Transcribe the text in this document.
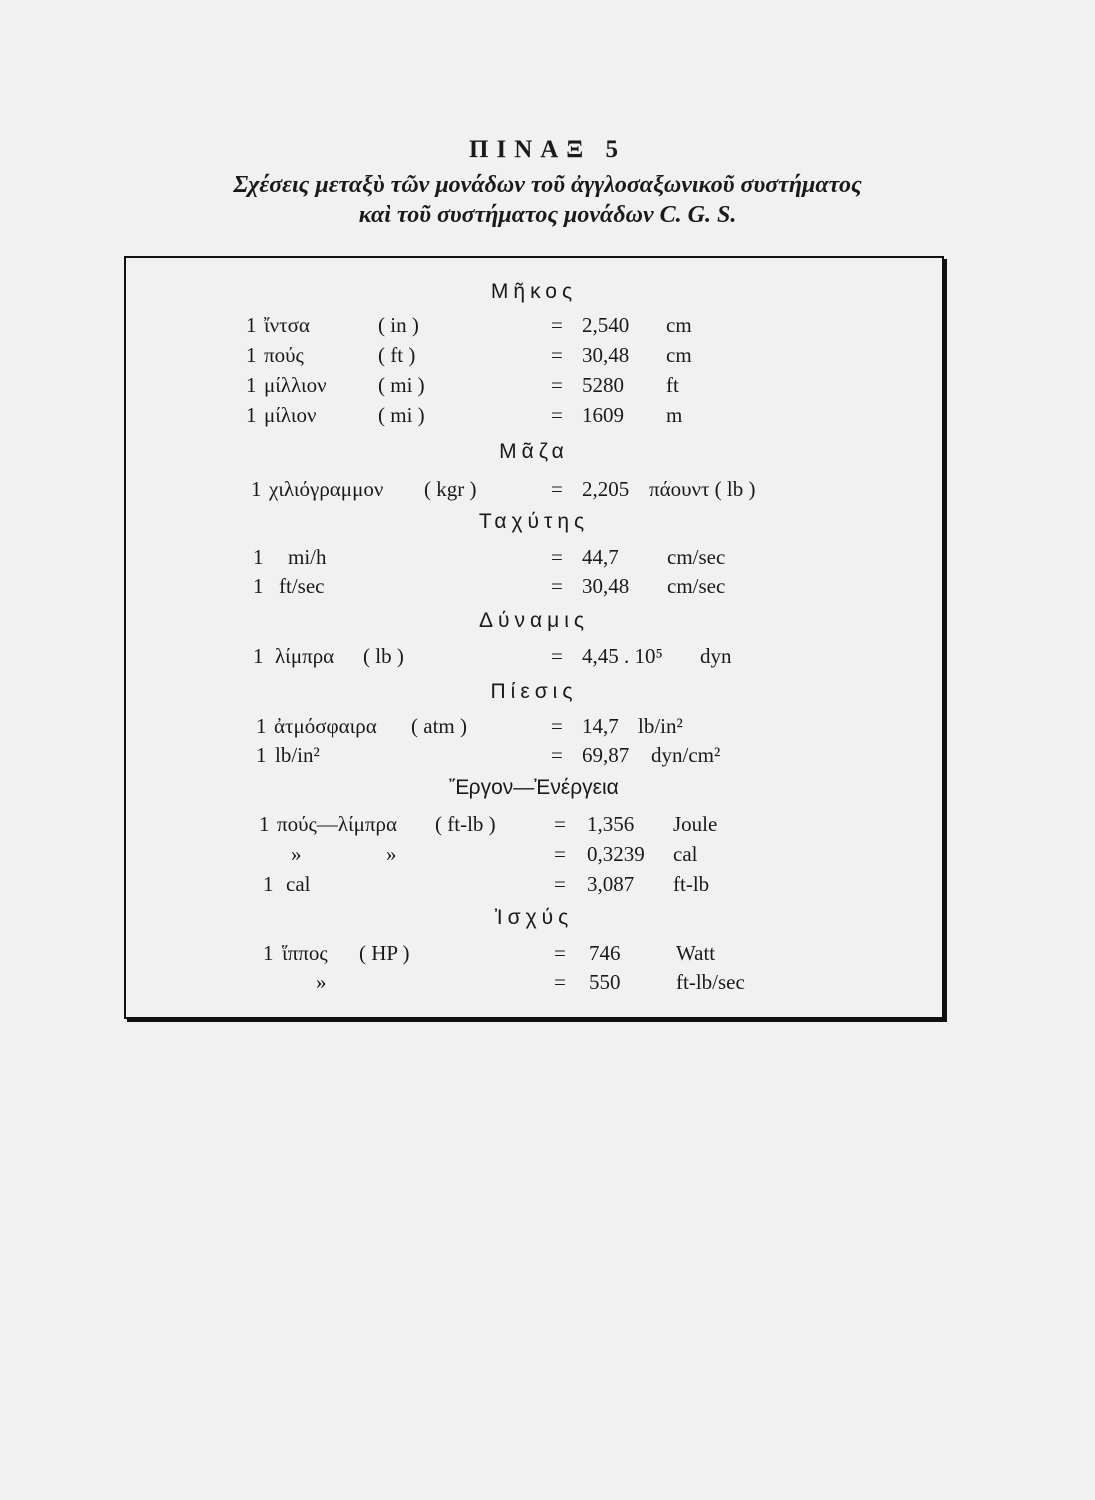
ΠΙΝΑΞ 5
Σχέσεις μεταξὺ τῶν μονάδων τοῦ ἀγγλοσαξωνικοῦ συστήματος
καὶ τοῦ συστήματος μονάδων C. G. S.
Μῆκος
1 ἴντσα	( in )	= 2,540 cm
1 πούς	( ft )	= 30,48 cm
1 μίλλιον ( mi )	= 5280 ft
1 μίλιον	( mi )	= 1609 m
Μᾶζα
1 χιλιόγραμμον ( kgr )	= 2,205 πάουντ ( lb )
Ταχύτης
1 mi/h	= 44,7 cm/sec
1 ft/sec	= 30,48 cm/sec
Δύναμις
1 λίμπρα ( lb )	= 4,45 . 10⁵ dyn
Πίεσις
1 ἀτμόσφαιρα ( atm )	= 14,7 lb/in²
1 lb/in²	= 69,87 dyn/cm²
Ἔργον—Ἐνέργεια
1 πούς—λίμπρα ( ft-lb )	= 1,356 Joule
»	»	= 0,3239 cal
1 cal	= 3,087 ft-lb
Ἰσχύς
1 ἵππος ( HP )	= 746	Watt
»	= 550	ft-lb/sec
